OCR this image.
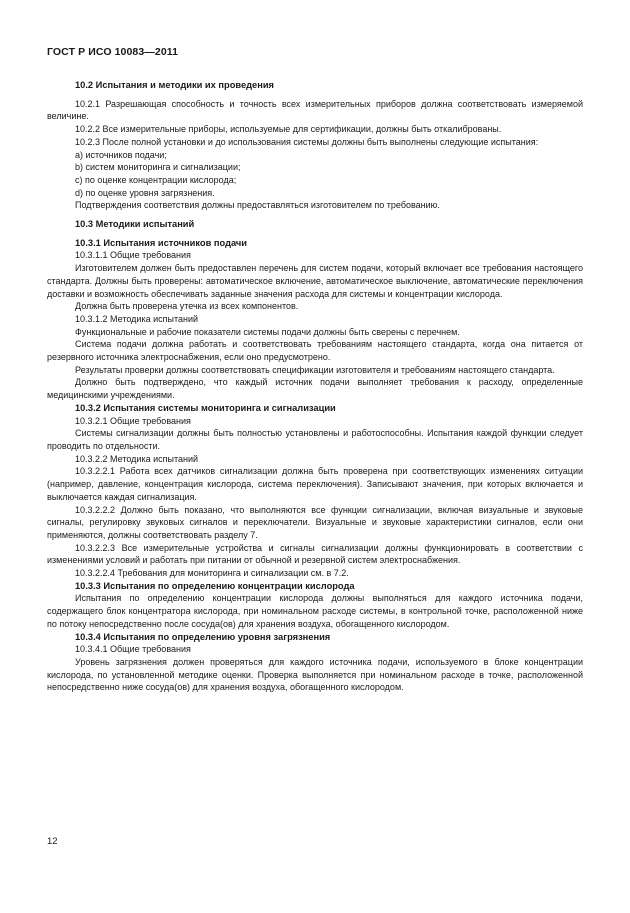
ГОСТ Р ИСО 10083—2011

10.2 Испытания и методики их проведения

10.2.1 Разрешающая способность и точность всех измерительных приборов должна соответствовать измеряемой величине.

10.2.2 Все измерительные приборы, используемые для сертификации, должны быть откалиброваны.

10.2.3 После полной установки и до использования системы должны быть выполнены следующие испытания:

a) источников подачи;

b) систем мониторинга и сигнализации;

c) по оценке концентрации кислорода;

d) по оценке уровня загрязнения.

Подтверждения соответствия должны предоставляться изготовителем по требованию.

10.3 Методики испытаний

10.3.1 Испытания источников подачи

10.3.1.1 Общие требования

Изготовителем должен быть предоставлен перечень для систем подачи, который включает все требования настоящего стандарта. Должны быть проверены: автоматическое включение, автоматическое выключение, автоматические переключения доставки и возможность обеспечивать заданные значения расхода для системы и концентрации кислорода.

Должна быть проверена утечка из всех компонентов.

10.3.1.2 Методика испытаний

Функциональные и рабочие показатели системы подачи должны быть сверены с перечнем.

Система подачи должна работать и соответствовать требованиям настоящего стандарта, когда она питается от резервного источника электроснабжения, если оно предусмотрено.

Результаты проверки должны соответствовать спецификации изготовителя и требованиям настоящего стандарта.

Должно быть подтверждено, что каждый источник подачи выполняет требования к расходу, определенные медицинскими учреждениями.

10.3.2 Испытания системы мониторинга и сигнализации

10.3.2.1 Общие требования

Системы сигнализации должны быть полностью установлены и работоспособны. Испытания каждой функции следует проводить по отдельности.

10.3.2.2 Методика испытаний

10.3.2.2.1 Работа всех датчиков сигнализации должна быть проверена при соответствующих изменениях ситуации (например, давление, концентрация кислорода, система переключения). Записывают значения, при которых включается и выключается каждая сигнализация.

10.3.2.2.2 Должно быть показано, что выполняются все функции сигнализации, включая визуальные и звуковые сигналы, регулировку звуковых сигналов и переключатели. Визуальные и звуковые характеристики сигналов, если они применяются, должны соответствовать разделу 7.

10.3.2.2.3 Все измерительные устройства и сигналы сигнализации должны функционировать в соответствии с изменениями условий и работать при питании от обычной и резервной систем электроснабжения.

10.3.2.2.4 Требования для мониторинга и сигнализации см. в 7.2.

10.3.3 Испытания по определению концентрации кислорода

Испытания по определению концентрации кислорода должны выполняться для каждого источника подачи, содержащего блок концентратора кислорода, при номинальном расходе системы, в контрольной точке, расположенной ниже по потоку непосредственно после сосуда(ов) для хранения воздуха, обогащенного кислородом.

10.3.4 Испытания по определению уровня загрязнения

10.3.4.1 Общие требования

Уровень загрязнения должен проверяться для каждого источника подачи, используемого в блоке концентрации кислорода, по установленной методике оценки. Проверка выполняется при номинальном расходе в точке, расположенной непосредственно ниже сосуда(ов) для хранения воздуха, обогащенного кислородом.

12
